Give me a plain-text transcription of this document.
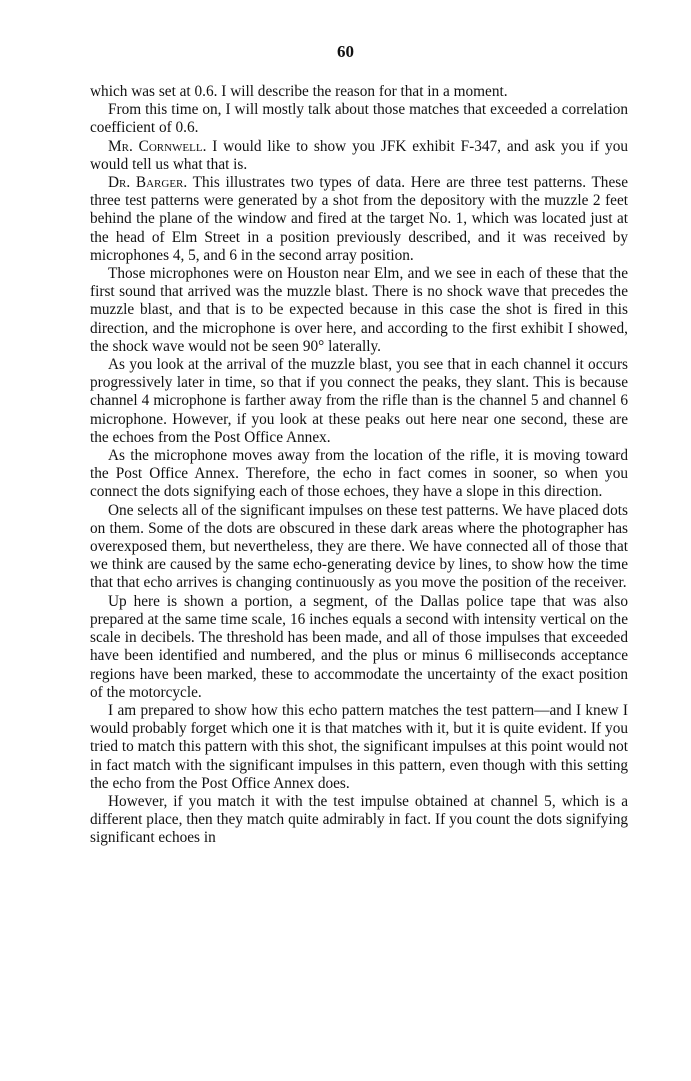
60

which was set at 0.6. I will describe the reason for that in a moment.

From this time on, I will mostly talk about those matches that exceeded a correlation coefficient of 0.6.

Mr. Cornwell. I would like to show you JFK exhibit F-347, and ask you if you would tell us what that is.

Dr. Barger. This illustrates two types of data. Here are three test patterns. These three test patterns were generated by a shot from the depository with the muzzle 2 feet behind the plane of the window and fired at the target No. 1, which was located just at the head of Elm Street in a position previously described, and it was received by microphones 4, 5, and 6 in the second array position.

Those microphones were on Houston near Elm, and we see in each of these that the first sound that arrived was the muzzle blast. There is no shock wave that precedes the muzzle blast, and that is to be expected because in this case the shot is fired in this direction, and the microphone is over here, and according to the first exhibit I showed, the shock wave would not be seen 90° laterally.

As you look at the arrival of the muzzle blast, you see that in each channel it occurs progressively later in time, so that if you connect the peaks, they slant. This is because channel 4 microphone is farther away from the rifle than is the channel 5 and channel 6 microphone. However, if you look at these peaks out here near one second, these are the echoes from the Post Office Annex.

As the microphone moves away from the location of the rifle, it is moving toward the Post Office Annex. Therefore, the echo in fact comes in sooner, so when you connect the dots signifying each of those echoes, they have a slope in this direction.

One selects all of the significant impulses on these test patterns. We have placed dots on them. Some of the dots are obscured in these dark areas where the photographer has overexposed them, but nevertheless, they are there. We have connected all of those that we think are caused by the same echo-generating device by lines, to show how the time that that echo arrives is changing continuously as you move the position of the receiver.

Up here is shown a portion, a segment, of the Dallas police tape that was also prepared at the same time scale, 16 inches equals a second with intensity vertical on the scale in decibels. The threshold has been made, and all of those impulses that exceeded have been identified and numbered, and the plus or minus 6 milliseconds acceptance regions have been marked, these to accommodate the uncertainty of the exact position of the motorcycle.

I am prepared to show how this echo pattern matches the test pattern—and I knew I would probably forget which one it is that matches with it, but it is quite evident. If you tried to match this pattern with this shot, the significant impulses at this point would not in fact match with the significant impulses in this pattern, even though with this setting the echo from the Post Office Annex does.

However, if you match it with the test impulse obtained at channel 5, which is a different place, then they match quite admirably in fact. If you count the dots signifying significant echoes in
